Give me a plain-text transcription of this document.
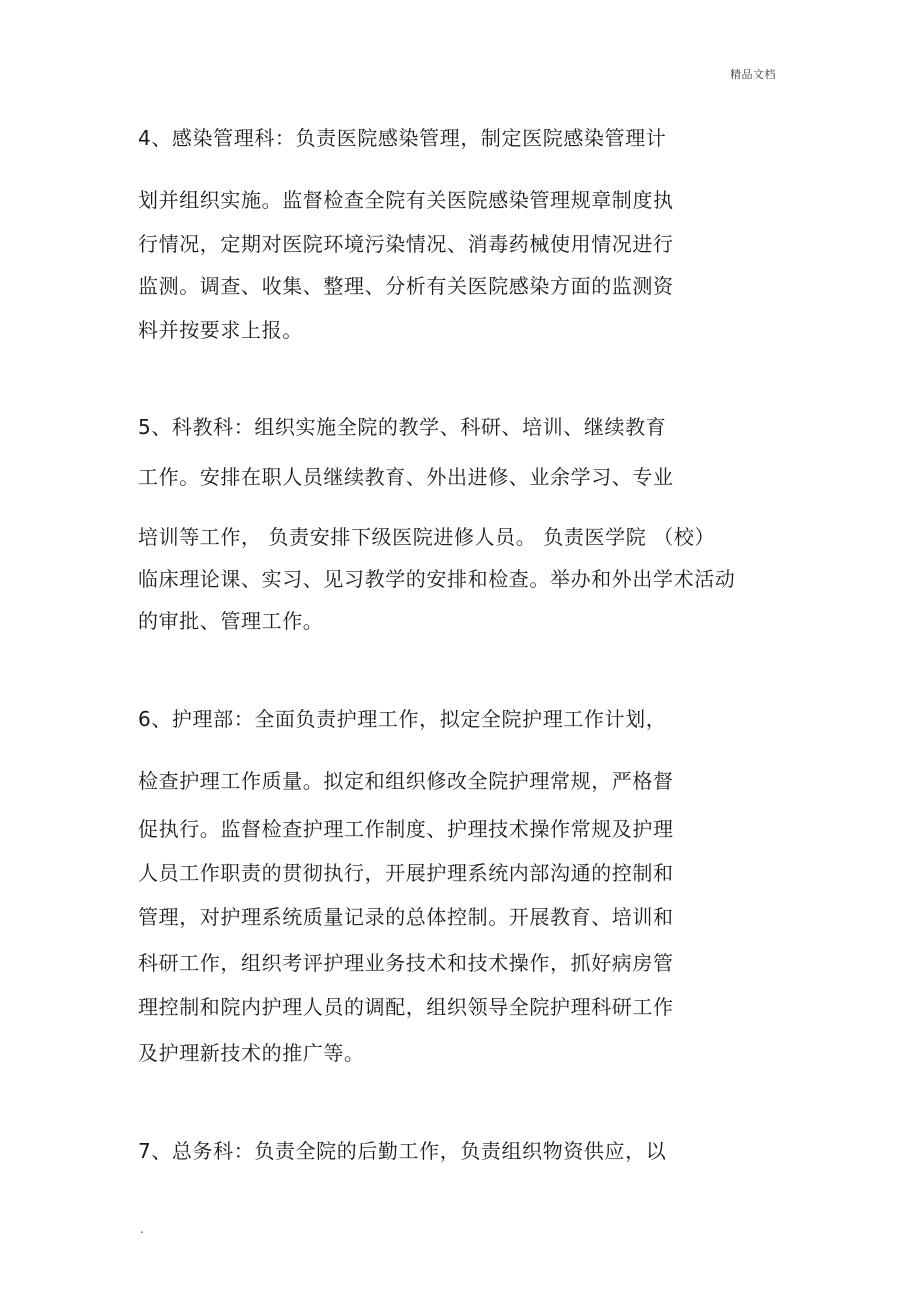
精品文档
4、感染管理科：负责医院感染管理，制定医院感染管理计
划并组织实施。监督检查全院有关医院感染管理规章制度执
行情况，定期对医院环境污染情况、消毒药械使用情况进行
监测。调查、收集、整理、分析有关医院感染方面的监测资
料并按要求上报。
5、科教科：组织实施全院的教学、科研、培训、继续教育
工作。安排在职人员继续教育、外出进修、业余学习、专业
培训等工作， 负责安排下级医院进修人员。 负责医学院 （校）
临床理论课、实习、见习教学的安排和检查。举办和外出学术活动
的审批、管理工作。
6、护理部：全面负责护理工作，拟定全院护理工作计划，
检查护理工作质量。拟定和组织修改全院护理常规，严格督
促执行。监督检查护理工作制度、护理技术操作常规及护理
人员工作职责的贯彻执行，开展护理系统内部沟通的控制和
管理，对护理系统质量记录的总体控制。开展教育、培训和
科研工作，组织考评护理业务技术和技术操作，抓好病房管
理控制和院内护理人员的调配，组织领导全院护理科研工作
及护理新技术的推广等。
7、总务科：负责全院的后勤工作，负责组织物资供应，以
.
